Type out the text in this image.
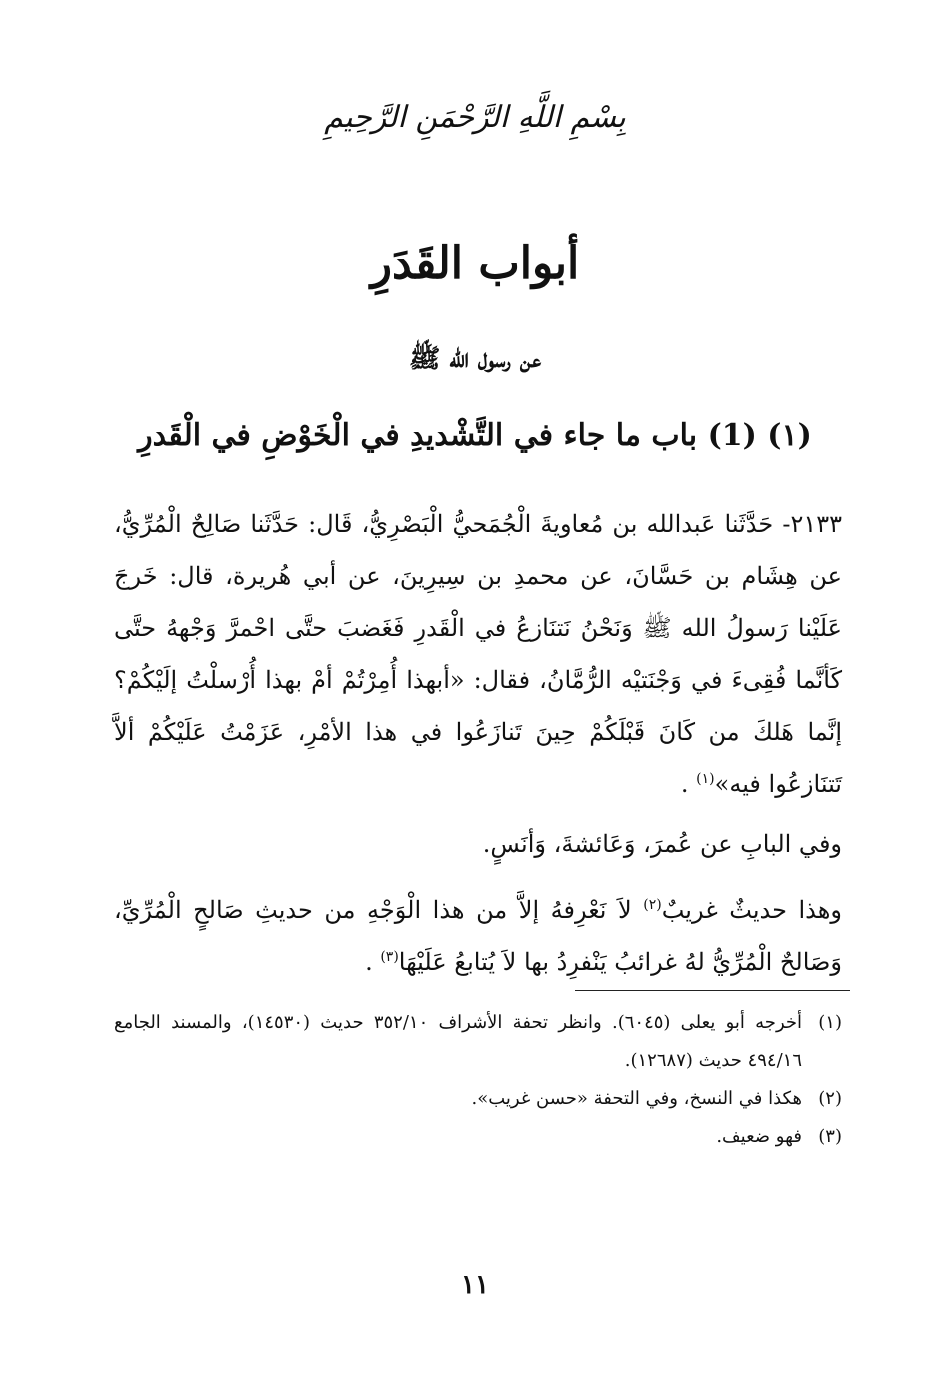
بِسْمِ اللَّهِ الرَّحْمَنِ الرَّحِيمِ
أبواب القَدَرِ
عن رسول الله ﷺ
(١) (1) باب ما جاء في التَّشْديدِ في الْخَوْضِ في الْقَدرِ

٢١٣٣- حَدَّثَنا عَبدالله بن مُعاويةَ الْجُمَحيُّ الْبَصْرِيُّ، قَال: حَدَّثَنا صَالِحٌ الْمُرِّيُّ، عن هِشَام بن حَسَّانَ، عن محمدِ بن سِيرِينَ، عن أبي هُريرة، قال: خَرجَ عَلَيْنا رَسولُ الله ﷺ وَنَحْنُ نَتنَازعُ في الْقَدرِ فَغَضبَ حتَّى احْمرَّ وَجْههُ حتَّى كَأنَّما فُقِىءَ في وَجْنَتيْه الرُّمَّانُ، فقال: «أبهذا أُمِرْتُمْ أمْ بهذا أُرْسلْتُ إلَيْكُمْ؟ إنَّما هَلكَ من كَانَ قَبْلَكُمْ حِينَ تَنازَعُوا في هذا الأمْرِ، عَزَمْتُ عَلَيْكُمْ ألاَّ تَتنَازعُوا فيه»$^{(١)}$ .

وفي البابِ عن عُمرَ، وَعَائشةَ، وَأنَسٍ.

وهذا حديثٌ غريبٌ$^{(٢)}$ لاَ نَعْرِفهُ إلاَّ من هذا الْوَجْهِ من حديثِ صَالحٍ الْمُرِّيِّ، وَصَالحٌ الْمُرِّيُّ لهُ غرائبُ يَنْفرِدُ بها لاَ يُتابعُ عَلَيْهَا$^{(٣)}$ .

(١)
أخرجه أبو يعلى (٦٠٤٥). وانظر تحفة الأشراف ٣٥٢/١٠ حديث (١٤٥٣٠)، والمسند الجامع ٤٩٤/١٦ حديث (١٢٦٨٧).
(٢)
هكذا في النسخ، وفي التحفة «حسن غريب».
(٣)
فهو ضعيف.
١١
